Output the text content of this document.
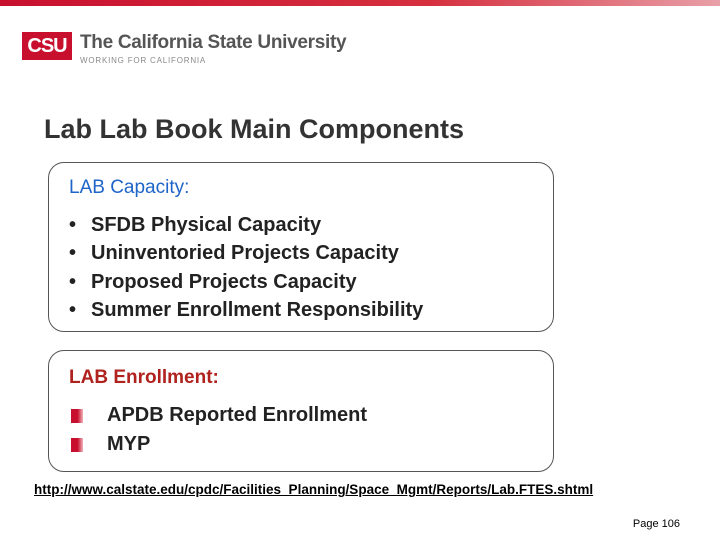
CSU The California State University
WORKING FOR CALIFORNIA
Lab Lab Book Main Components
LAB Capacity:
• SFDB Physical Capacity
• Uninventoried Projects Capacity
• Proposed Projects Capacity
• Summer Enrollment Responsibility
LAB Enrollment:
APDB Reported Enrollment
MYP
http://www.calstate.edu/cpdc/Facilities_Planning/Space_Mgmt/Reports/Lab.FTES.shtml
Page 106
